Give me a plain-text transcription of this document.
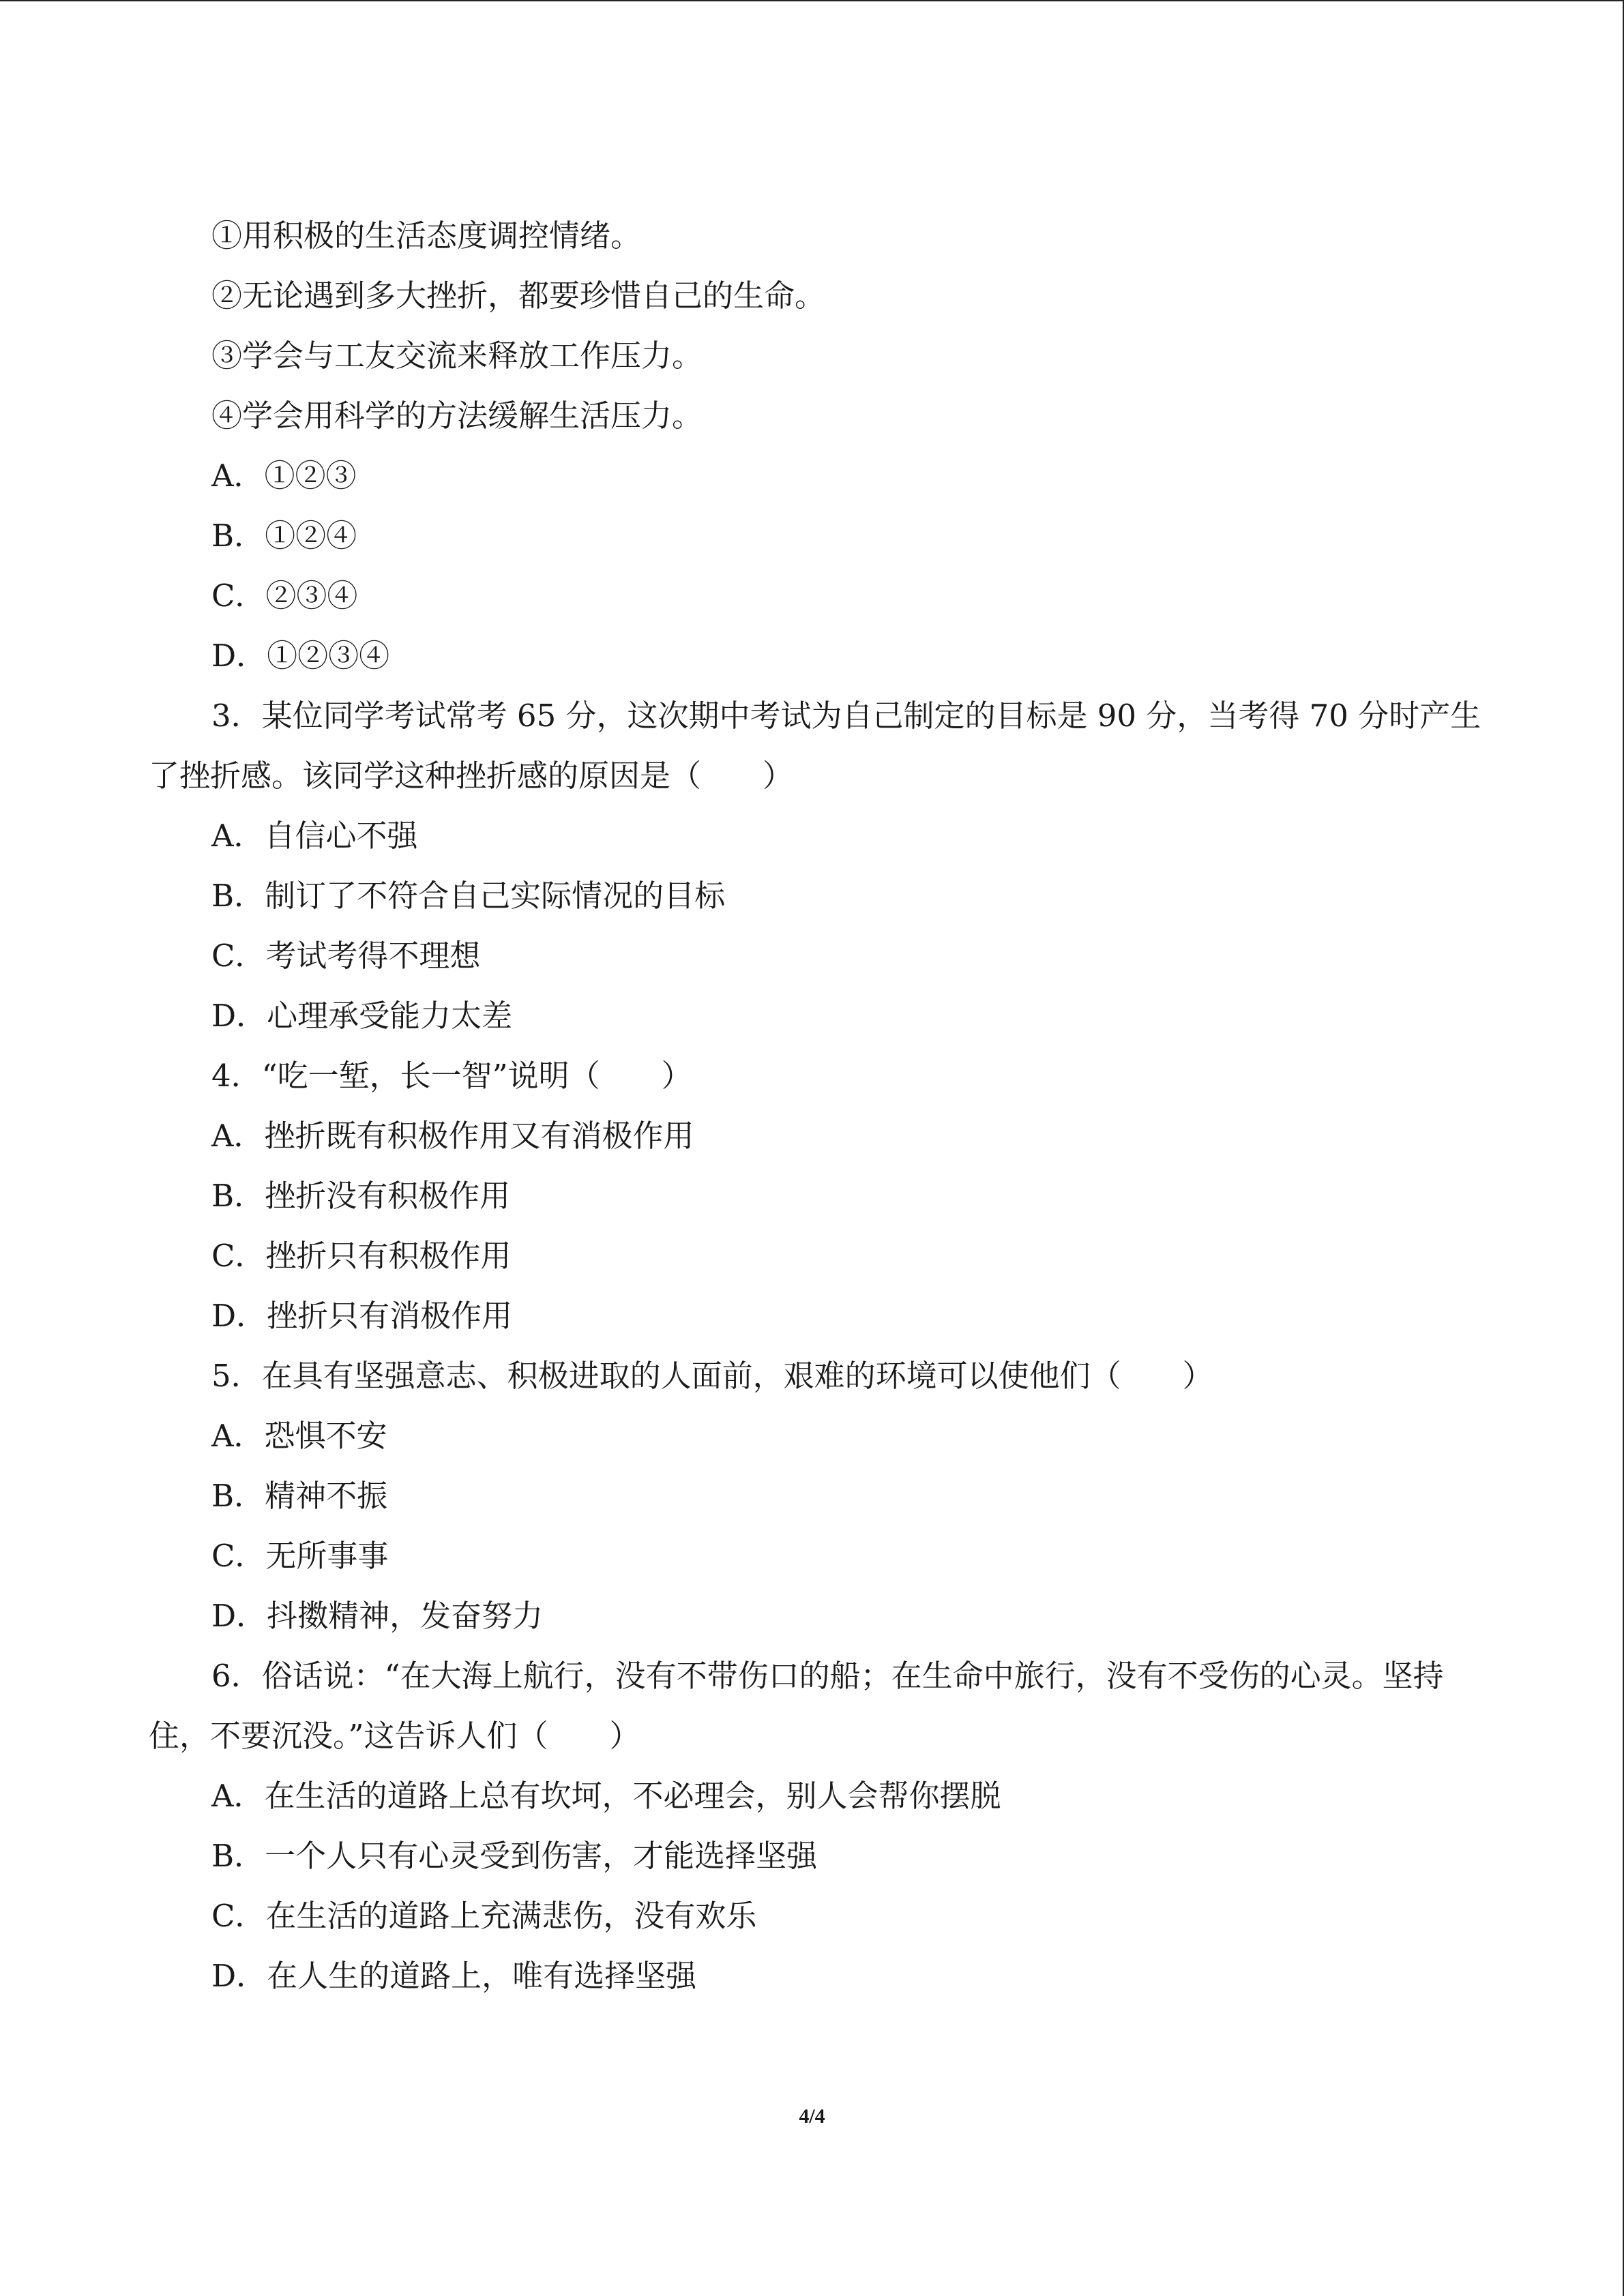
①用积极的生活态度调控情绪。
②无论遇到多大挫折，都要珍惜自己的生命。
③学会与工友交流来释放工作压力。
④学会用科学的方法缓解生活压力。
A．①②③
B．①②④
C．②③④
D．①②③④
3．某位同学考试常考 65 分，这次期中考试为自己制定的目标是 90 分，当考得 70 分时产生了挫折感。该同学这种挫折感的原因是（　　）
A．自信心不强
B．制订了不符合自己实际情况的目标
C．考试考得不理想
D．心理承受能力太差
4．“吃一堑，长一智”说明（　　）
A．挫折既有积极作用又有消极作用
B．挫折没有积极作用
C．挫折只有积极作用
D．挫折只有消极作用
5．在具有坚强意志、积极进取的人面前，艰难的环境可以使他们（　　）
A．恐惧不安
B．精神不振
C．无所事事
D．抖擞精神，发奋努力
6．俗话说：“在大海上航行，没有不带伤口的船；在生命中旅行，没有不受伤的心灵。坚持住，不要沉没。”这告诉人们（　　）
A．在生活的道路上总有坎坷，不必理会，别人会帮你摆脱
B．一个人只有心灵受到伤害，才能选择坚强
C．在生活的道路上充满悲伤，没有欢乐
D．在人生的道路上，唯有选择坚强
4/4
